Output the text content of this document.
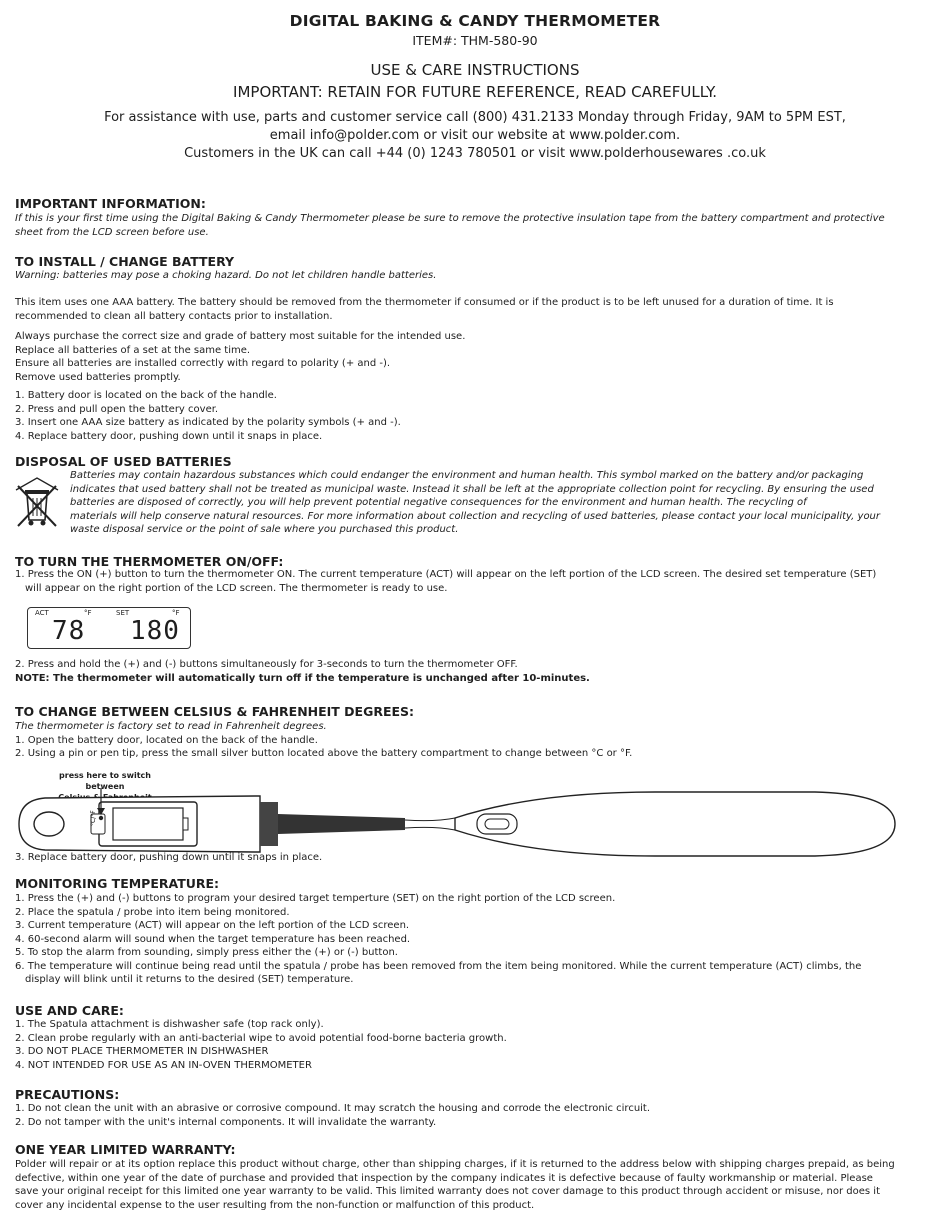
DIGITAL BAKING & CANDY THERMOMETER
ITEM#: THM-580-90
USE & CARE INSTRUCTIONS
IMPORTANT: RETAIN FOR FUTURE REFERENCE, READ CAREFULLY.
For assistance with use, parts and customer service call (800) 431.2133 Monday through Friday, 9AM to 5PM EST,
email info@polder.com or visit our website at www.polder.com.
Customers in the UK can call +44 (0) 1243 780501 or visit www.polderhousewares .co.uk
IMPORTANT INFORMATION:
If this is your first time using the Digital Baking & Candy Thermometer please be sure to remove the protective insulation tape from the battery compartment and protective
sheet from the LCD screen before use.
TO INSTALL / CHANGE BATTERY
Warning: batteries may pose a choking hazard. Do not let children handle batteries.
This item uses one AAA battery. The battery should be removed from the thermometer if consumed or if the product is to be left unused for a duration of time. It is
recommended to clean all battery contacts prior to installation.
Always purchase the correct size and grade of battery most suitable for the intended use.
Replace all batteries of a set at the same time.
Ensure all batteries are installed correctly with regard to polarity (+ and -).
Remove used batteries promptly.
1. Battery door is located on the back of the handle.
2. Press and pull open the battery cover.
3. Insert one AAA size battery as indicated by the polarity symbols (+ and -).
4. Replace battery door, pushing down until it snaps in place.
DISPOSAL OF USED BATTERIES
Batteries may contain hazardous substances which could endanger the environment and human health. This symbol marked on the battery and/or packaging
indicates that used battery shall not be treated as municipal waste. Instead it shall be left at the appropriate collection point for recycling. By ensuring the used
batteries are disposed of correctly, you will help prevent potential negative consequences for the environment and human health. The recycling of
materials will help conserve natural resources. For more information about collection and recycling of used batteries, please contact your local municipality, your
waste disposal service or the point of sale where you purchased this product.
TO TURN THE THERMOMETER ON/OFF:
1. Press the ON (+) button to turn the thermometer ON. The current temperature (ACT) will appear on the left portion of the LCD screen. The desired set temperature (SET)
will appear on the right portion of the LCD screen. The thermometer is ready to use.
ACT	°F	SET	°F
78 180
2. Press and hold the (+) and (-) buttons simultaneously for 3-seconds to turn the thermometer OFF.
NOTE: The thermometer will automatically turn off if the temperature is unchanged after 10-minutes.
TO CHANGE BETWEEN CELSIUS & FAHRENHEIT DEGREES:
The thermometer is factory set to read in Fahrenheit degrees.
1. Open the battery door, located on the back of the handle.
2. Using a pin or pen tip, press the small silver button located above the battery compartment to change between °C or °F.
press here to switch between
°C/°F
3. Replace battery door, pushing down until it snaps in place.
MONITORING TEMPERATURE:
1. Press the (+) and (-) buttons to program your desired target temperture (SET) on the right portion of the LCD screen.
2. Place the spatula / probe into item being monitored.
3. Current temperature (ACT) will appear on the left portion of the LCD screen.
4. 60-second alarm will sound when the target temperature has been reached.
5. To stop the alarm from sounding, simply press either the (+) or (-) button.
6. The temperature will continue being read until the spatula / probe has been removed from the item being monitored. While the current temperature (ACT) climbs, the
display will blink until it returns to the desired (SET) temperature.
USE AND CARE:
1. The Spatula attachment is dishwasher safe (top rack only).
2. Clean probe regularly with an anti-bacterial wipe to avoid potential food-borne bacteria growth.
3. DO NOT PLACE THERMOMETER IN DISHWASHER
4. NOT INTENDED FOR USE AS AN IN-OVEN THERMOMETER
PRECAUTIONS:
1. Do not clean the unit with an abrasive or corrosive compound. It may scratch the housing and corrode the electronic circuit.
2. Do not tamper with the unit's internal components. It will invalidate the warranty.
ONE YEAR LIMITED WARRANTY:
Polder will repair or at its option replace this product without charge, other than shipping charges, if it is returned to the address below with shipping charges prepaid, as being
defective, within one year of the date of purchase and provided that inspection by the company indicates it is defective because of faulty workmanship or material. Please
save your original receipt for this limited one year warranty to be valid. This limited warranty does not cover damage to this product through accident or misuse, nor does it
cover any incidental expense to the user resulting from the non-function or malfunction of this product.
